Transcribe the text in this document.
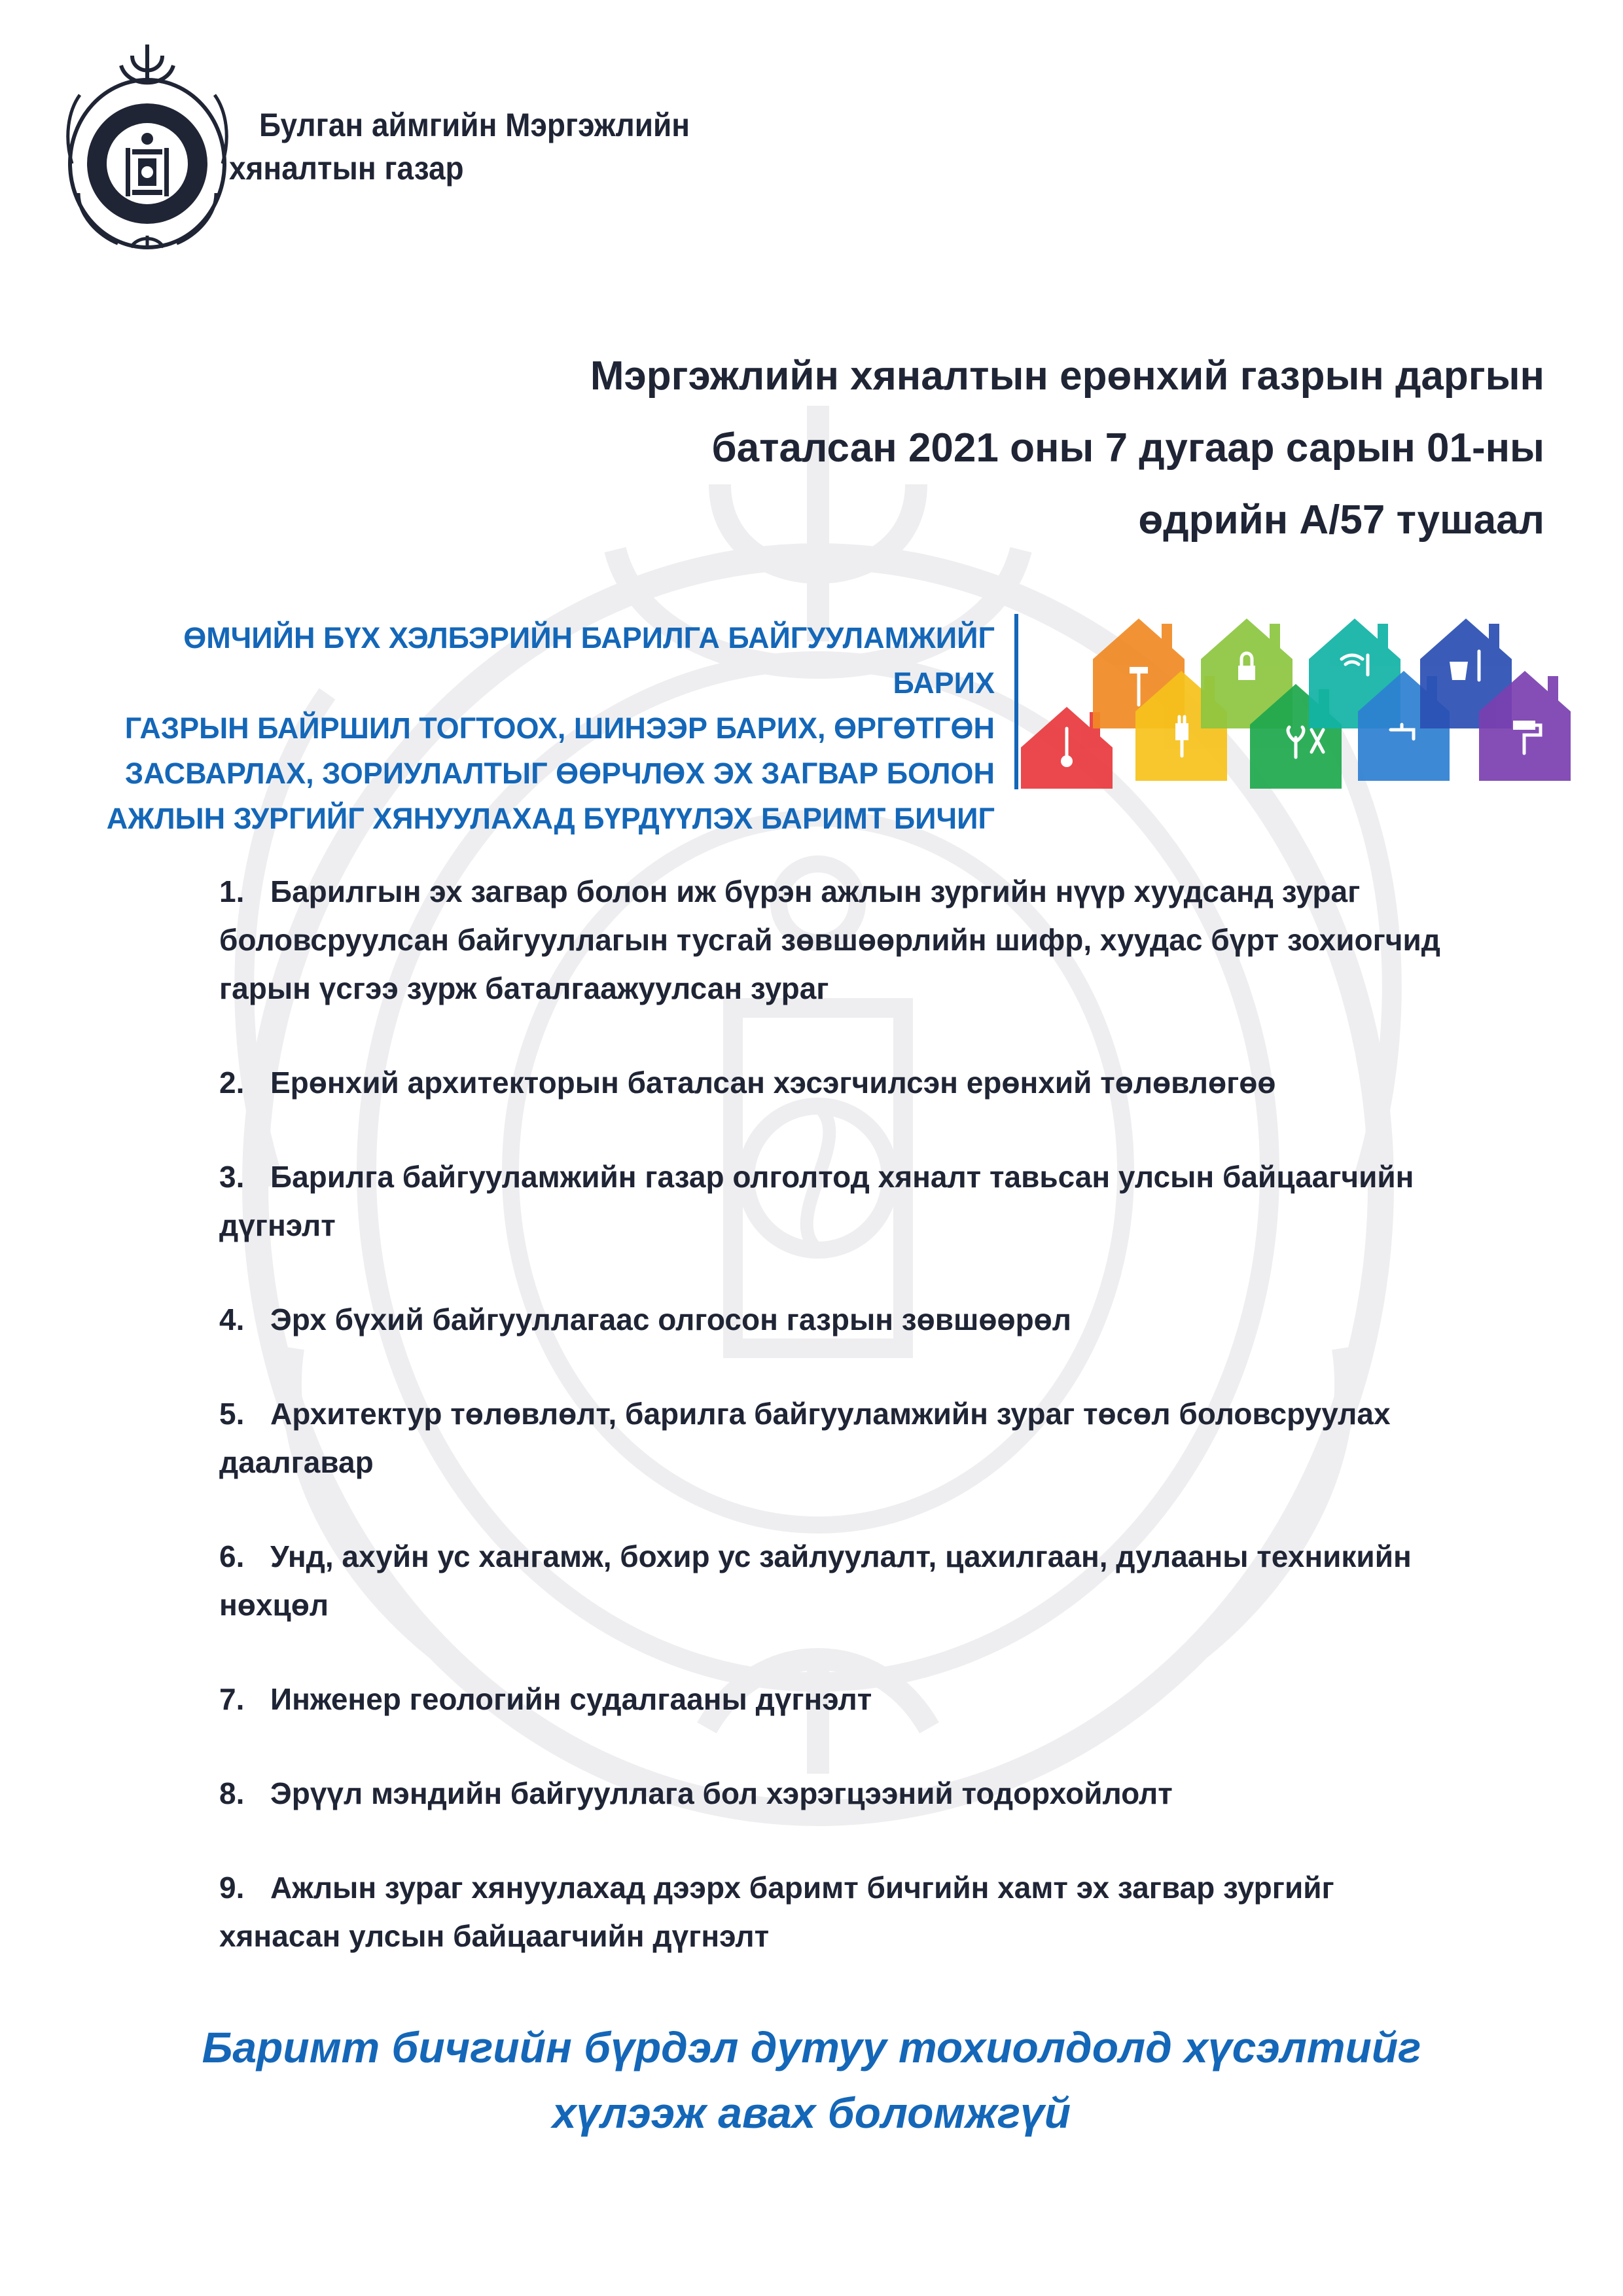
Булган аймгийн Мэргэжлийн
хяналтын газар
Мэргэжлийн хяналтын ерөнхий газрын даргын
баталсан 2021 оны 7 дугаар сарын 01-ны
өдрийн А/57 тушаал
ӨМЧИЙН БҮХ ХЭЛБЭРИЙН БАРИЛГА БАЙГУУЛАМЖИЙГ БАРИХ
ГАЗРЫН БАЙРШИЛ ТОГТООХ, ШИНЭЭР БАРИХ, ӨРГӨТГӨН
ЗАСВАРЛАХ, ЗОРИУЛАЛТЫГ ӨӨРЧЛӨХ ЭХ ЗАГВАР БОЛОН
АЖЛЫН ЗУРГИЙГ ХЯНУУЛАХАД БҮРДҮҮЛЭХ БАРИМТ БИЧИГ
1. Барилгын эх загвар болон иж бүрэн ажлын зургийн нүүр хуудсанд зураг боловсруулсан байгууллагын тусгай зөвшөөрлийн шифр, хуудас бүрт зохиогчид гарын үсгээ зурж баталгаажуулсан зураг
2. Ерөнхий архитекторын баталсан хэсэгчилсэн ерөнхий төлөвлөгөө
3. Барилга байгууламжийн газар олголтод хяналт тавьсан улсын байцаагчийн дүгнэлт
4. Эрх бүхий байгууллагаас олгосон газрын зөвшөөрөл
5. Архитектур төлөвлөлт, барилга байгууламжийн зураг төсөл боловсруулах даалгавар
6. Унд, ахуйн ус хангамж, бохир ус зайлуулалт, цахилгаан, дулааны техникийн нөхцөл
7. Инженер геологийн судалгааны дүгнэлт
8. Эрүүл мэндийн байгууллага бол хэрэгцээний тодорхойлолт
9. Ажлын зураг хянуулахад дээрх баримт бичгийн хамт эх загвар зургийг хянасан улсын байцаагчийн дүгнэлт
Баримт бичгийн бүрдэл дутуу тохиолдолд хүсэлтийг
хүлээж авах боломжгүй
